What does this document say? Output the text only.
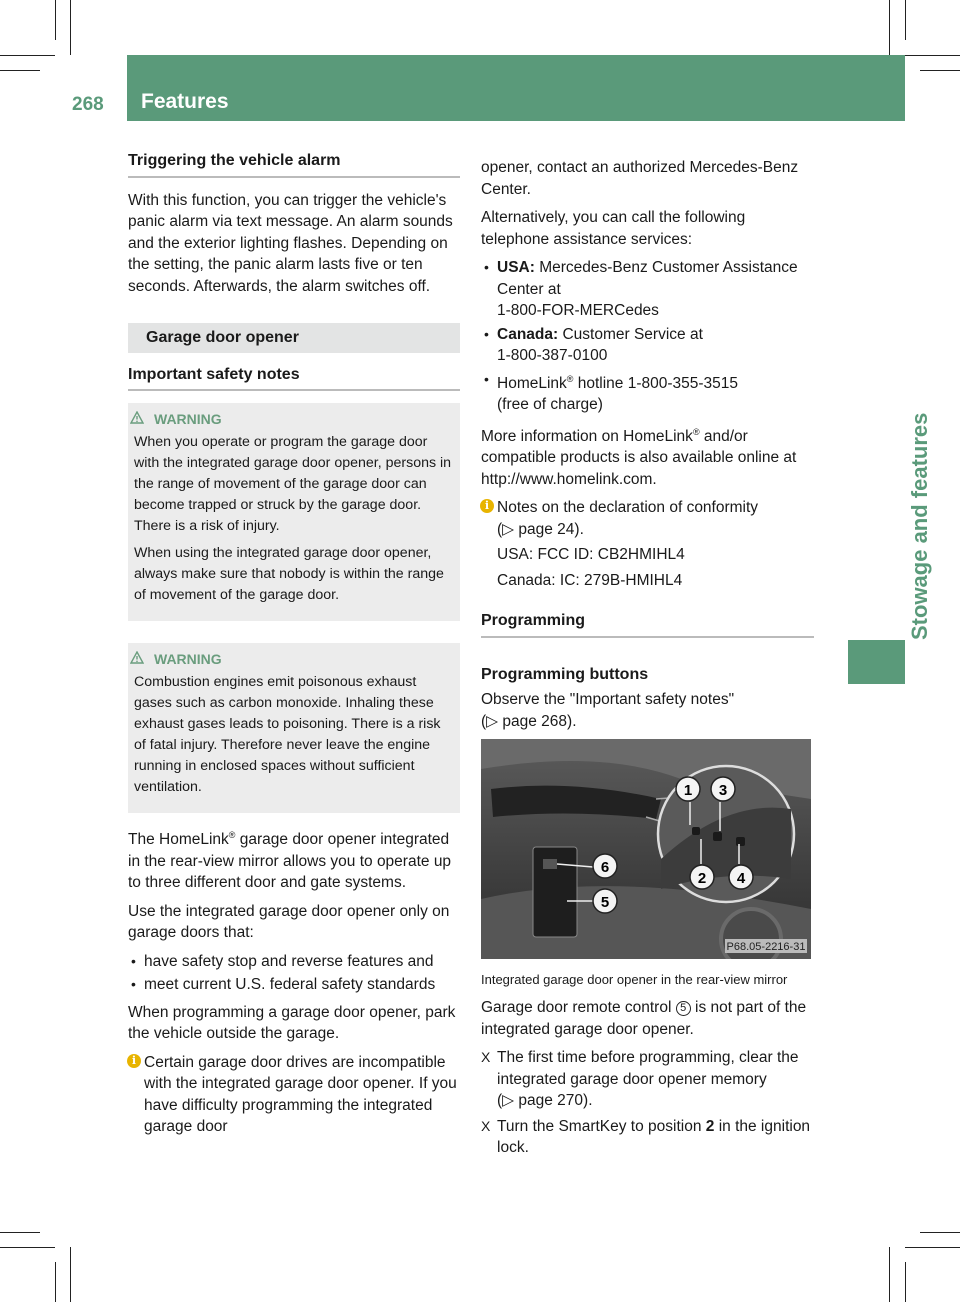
268 Features
Stowage and features
Triggering the vehicle alarm
With this function, you can trigger the vehicle's panic alarm via text message. An alarm sounds and the exterior lighting flashes. Depending on the setting, the panic alarm lasts five or ten seconds. Afterwards, the alarm switches off.
Garage door opener
Important safety notes
WARNING

When you operate or program the garage door with the integrated garage door opener, persons in the range of movement of the garage door can become trapped or struck by the garage door. There is a risk of injury.

When using the integrated garage door opener, always make sure that nobody is within the range of movement of the garage door.

WARNING

Combustion engines emit poisonous exhaust gases such as carbon monoxide. Inhaling these exhaust gases leads to poisoning. There is a risk of fatal injury. Therefore never leave the engine running in enclosed spaces without sufficient ventilation.

The HomeLink® garage door opener integrated in the rear-view mirror allows you to operate up to three different door and gate systems.
Use the integrated garage door opener only on garage doors that:
• have safety stop and reverse features and
• meet current U.S. federal safety standards
When programming a garage door opener, park the vehicle outside the garage.
i Certain garage door drives are incompatible with the integrated garage door opener. If you have difficulty programming the integrated garage door
opener, contact an authorized Mercedes-Benz Center.
Alternatively, you can call the following telephone assistance services:
• USA: Mercedes-Benz Customer Assistance Center at
1-800-FOR-MERCedes
• Canada: Customer Service at
1-800-387-0100
• HomeLink® hotline 1-800-355-3515
(free of charge)
More information on HomeLink® and/or compatible products is also available online at http://www.homelink.com.
i Notes on the declaration of conformity
(▷ page 24).
USA: FCC ID: CB2HMIHL4
Canada: IC: 279B-HMIHL4
Programming
Programming buttons
Observe the "Important safety notes"
(▷ page 268).
1 3
2 4
6
5
P68.05-2216-31
Integrated garage door opener in the rear-view mirror
Garage door remote control 5 is not part of the integrated garage door opener.
X The first time before programming, clear the integrated garage door opener memory
(▷ page 270).
X Turn the SmartKey to position 2 in the ignition lock.
